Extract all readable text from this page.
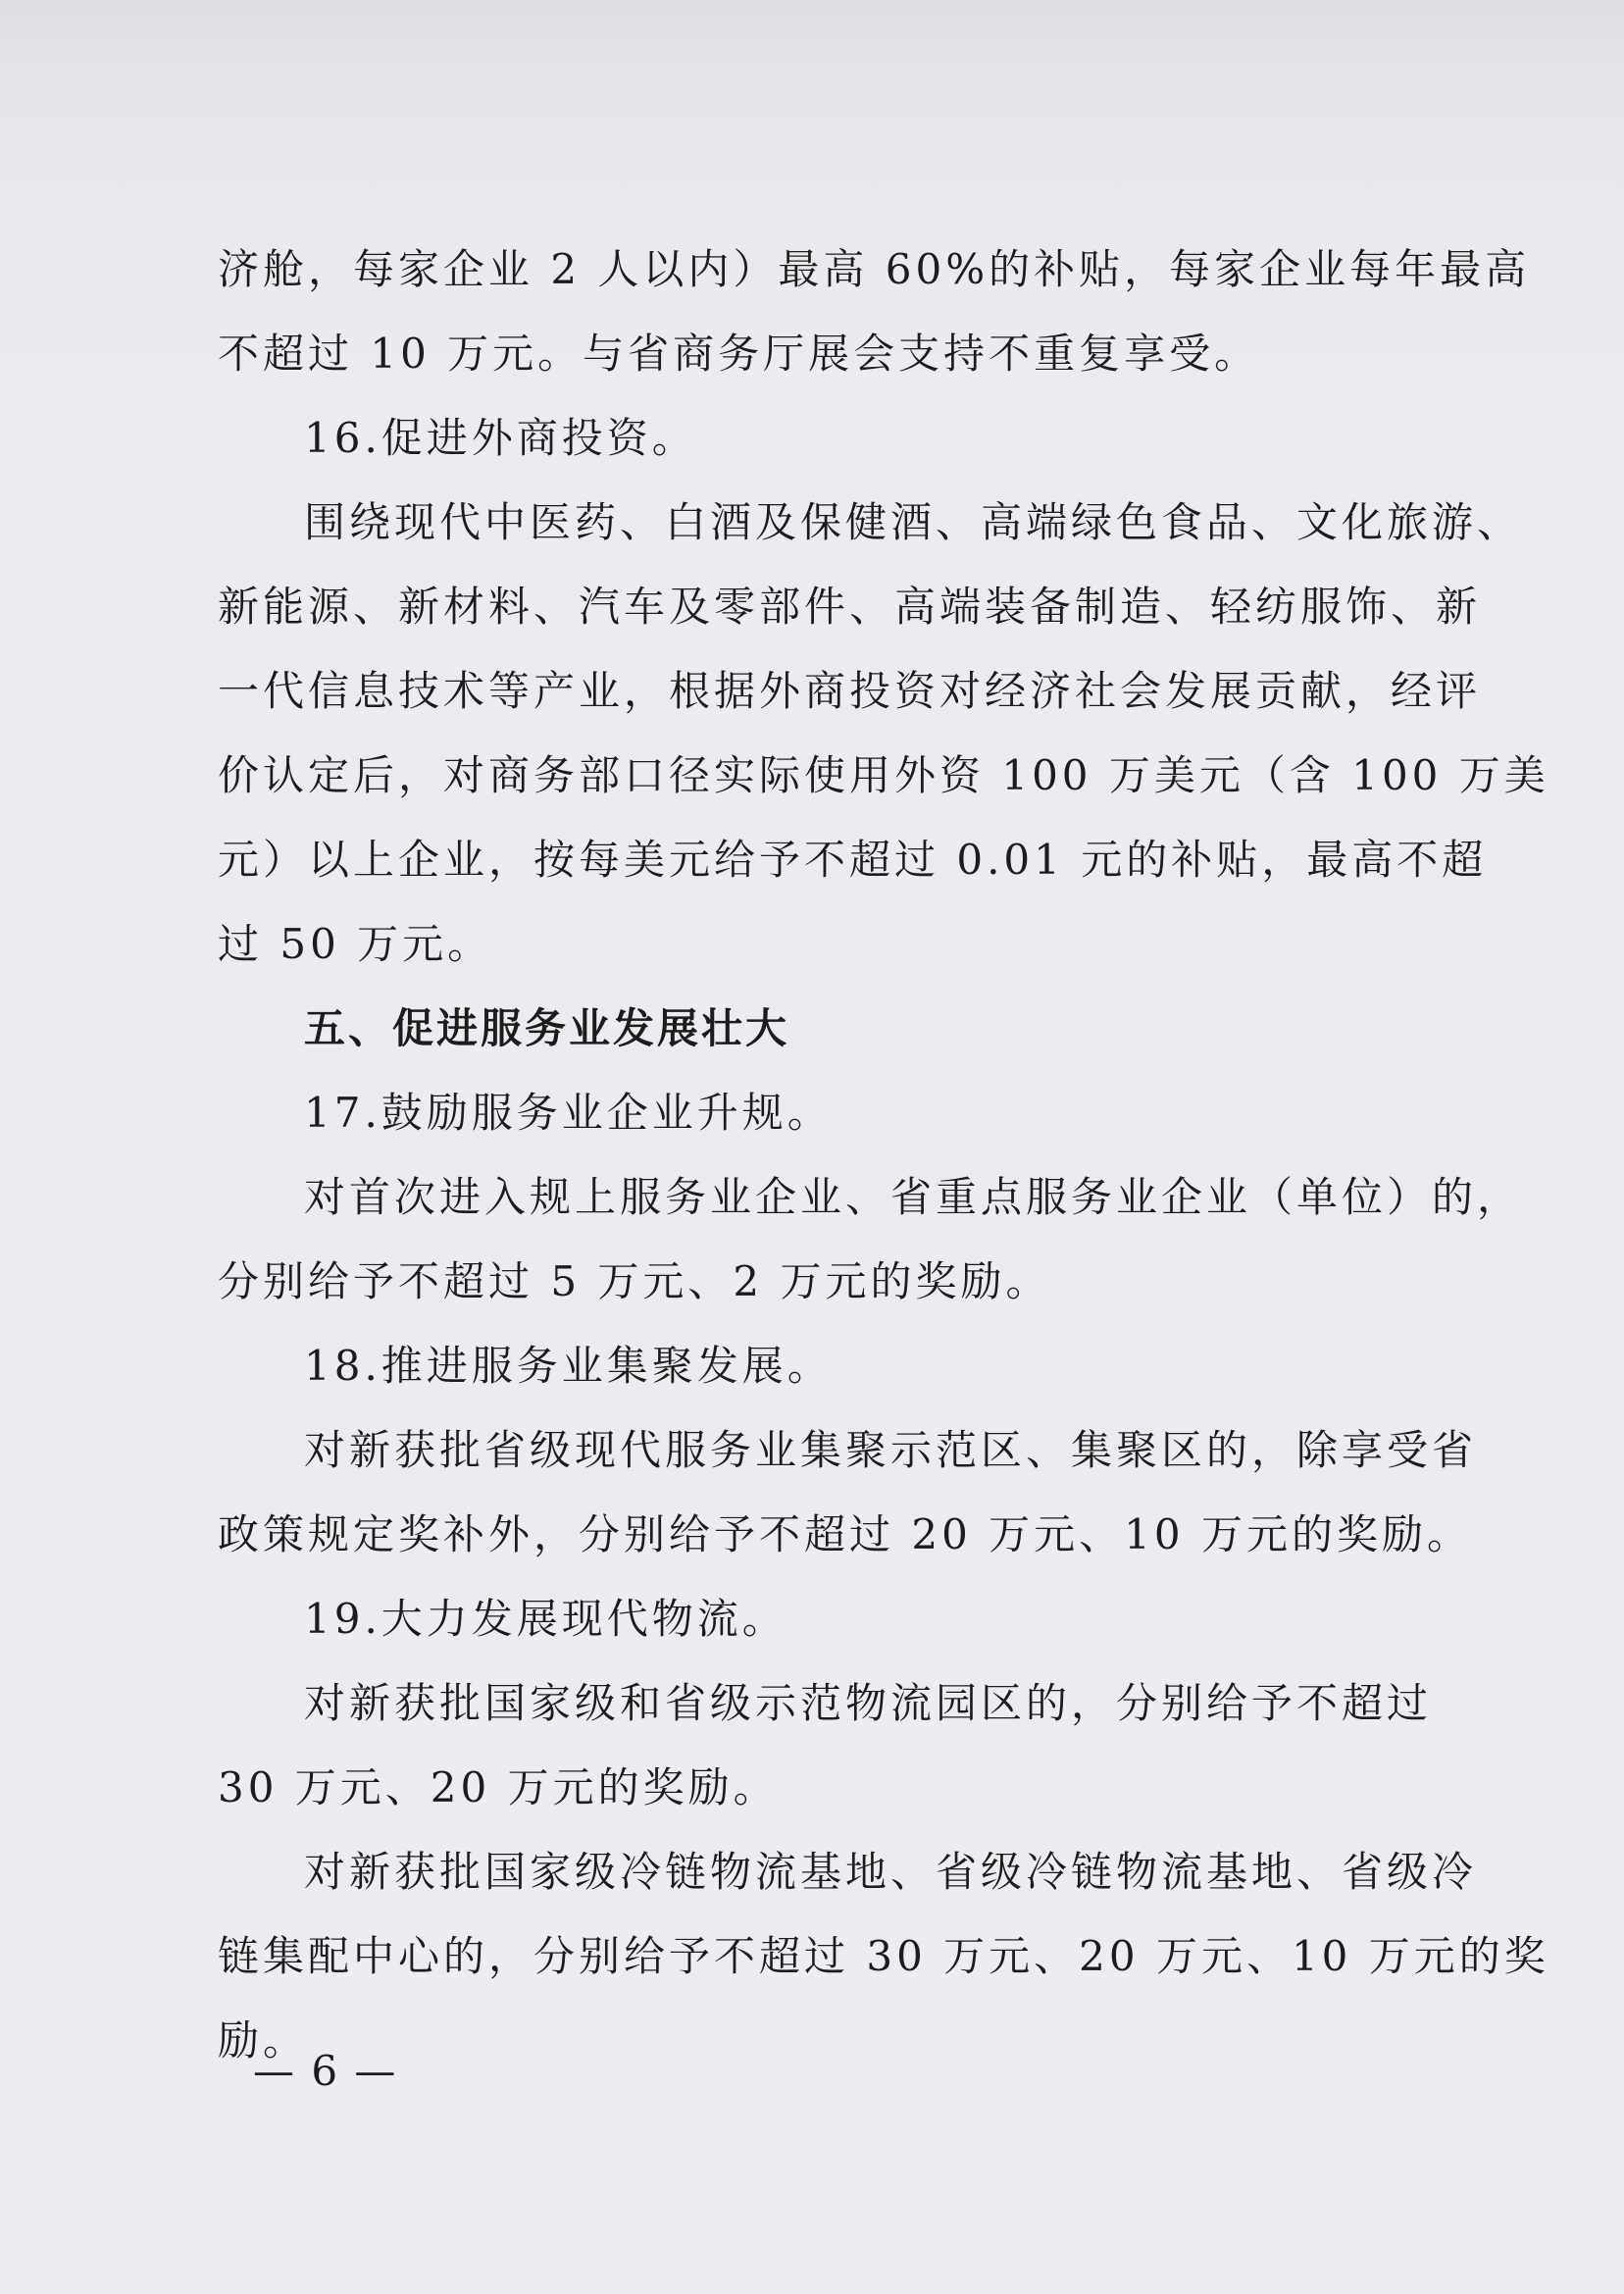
济舱，每家企业 2 人以内）最高 60%的补贴，每家企业每年最高

不超过 10 万元。与省商务厅展会支持不重复享受。

16.促进外商投资。

围绕现代中医药、白酒及保健酒、高端绿色食品、文化旅游、

新能源、新材料、汽车及零部件、高端装备制造、轻纺服饰、新

一代信息技术等产业，根据外商投资对经济社会发展贡献，经评

价认定后，对商务部口径实际使用外资 100 万美元（含 100 万美

元）以上企业，按每美元给予不超过 0.01 元的补贴，最高不超

过 50 万元。

五、促进服务业发展壮大

17.鼓励服务业企业升规。

对首次进入规上服务业企业、省重点服务业企业（单位）的，

分别给予不超过 5 万元、2 万元的奖励。

18.推进服务业集聚发展。

对新获批省级现代服务业集聚示范区、集聚区的，除享受省

政策规定奖补外，分别给予不超过 20 万元、10 万元的奖励。

19.大力发展现代物流。

对新获批国家级和省级示范物流园区的，分别给予不超过

30 万元、20 万元的奖励。

对新获批国家级冷链物流基地、省级冷链物流基地、省级冷

链集配中心的，分别给予不超过 30 万元、20 万元、10 万元的奖

励。

— 6 —
